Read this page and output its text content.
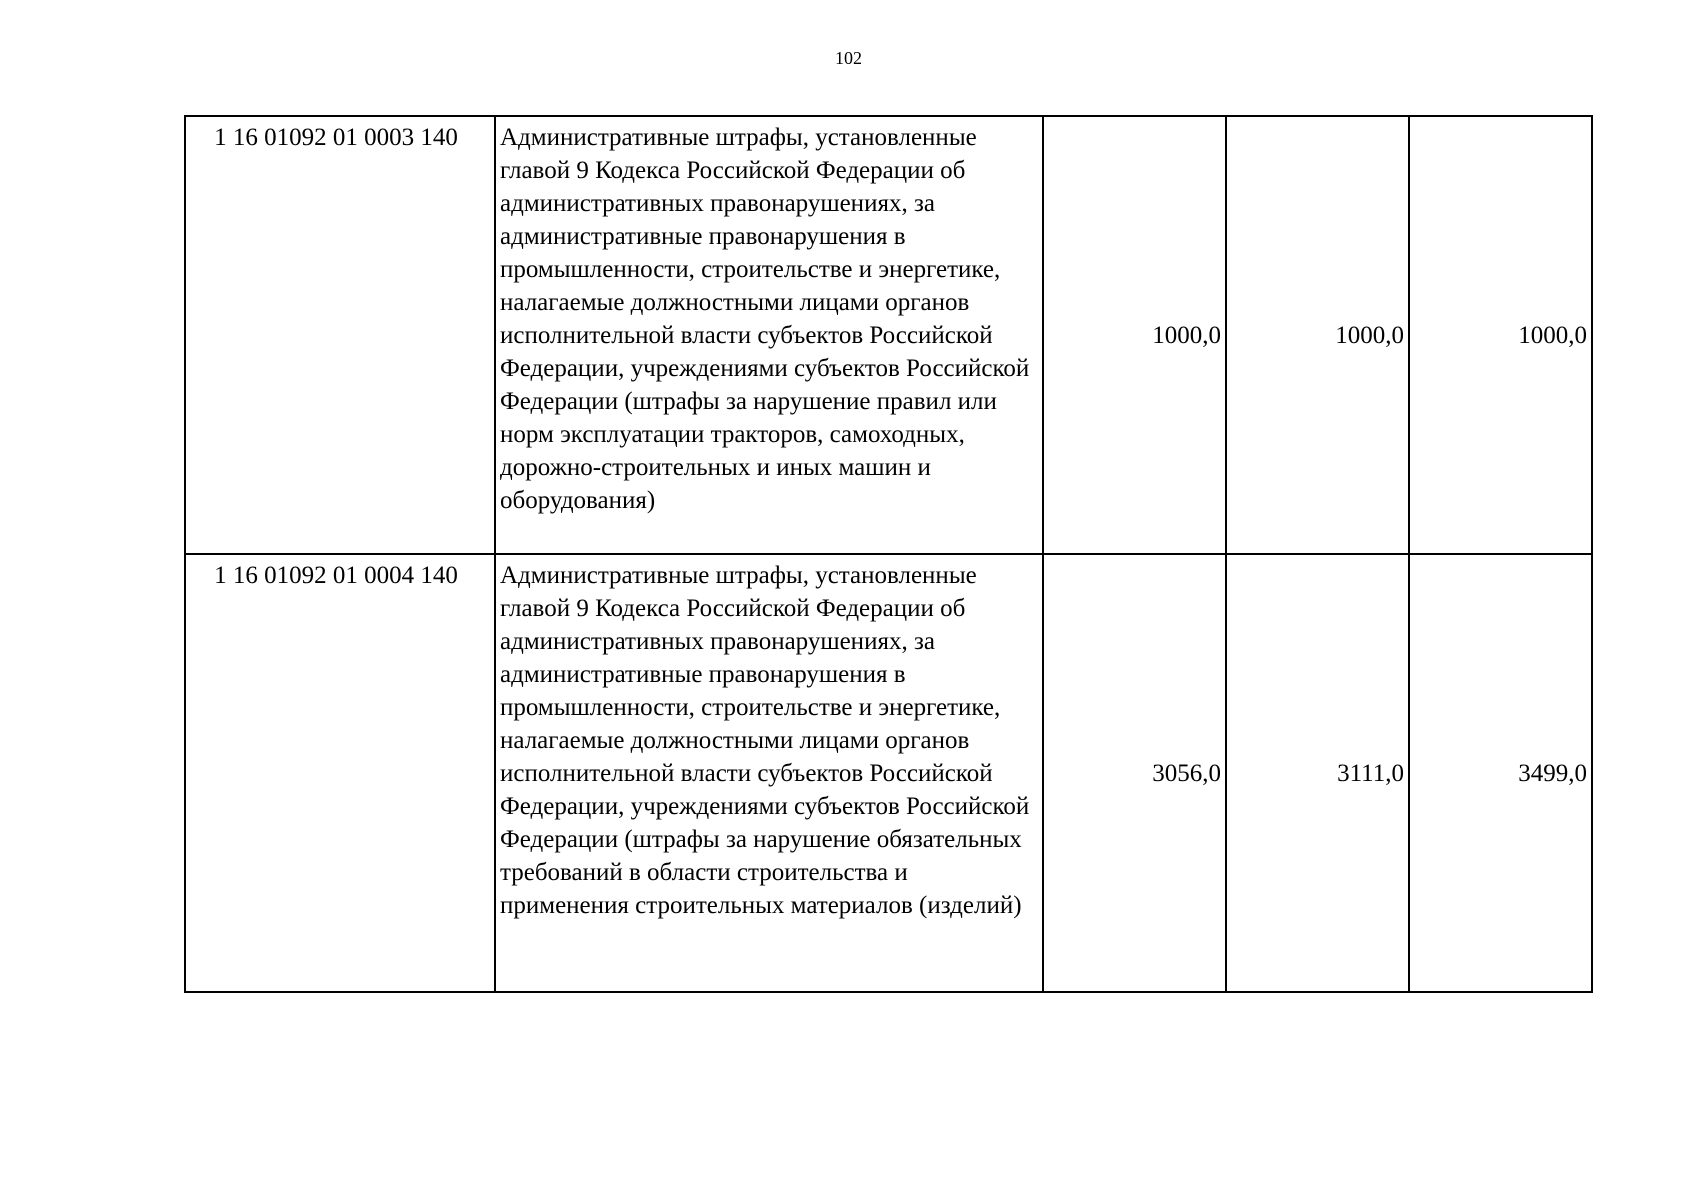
102
1 16 01092 01 0003 140	Административные штрафы, установленные главой 9 Кодекса Российской Федерации об административных правонарушениях, за административные правонарушения в промышленности, строительстве и энергетике, налагаемые должностными лицами органов исполнительной власти субъектов Российской Федерации, учреждениями субъектов Российской Федерации (штрафы за нарушение правил или норм эксплуатации тракторов, самоходных, дорожно-строительных и иных машин и оборудования)	1000,0	1000,0	1000,0
1 16 01092 01 0004 140	Административные штрафы, установленные главой 9 Кодекса Российской Федерации об административных правонарушениях, за административные правонарушения в промышленности, строительстве и энергетике, налагаемые должностными лицами органов исполнительной власти субъектов Российской Федерации, учреждениями субъектов Российской Федерации (штрафы за нарушение обязательных требований в области строительства и применения строительных материалов (изделий)	3056,0	3111,0	3499,0
